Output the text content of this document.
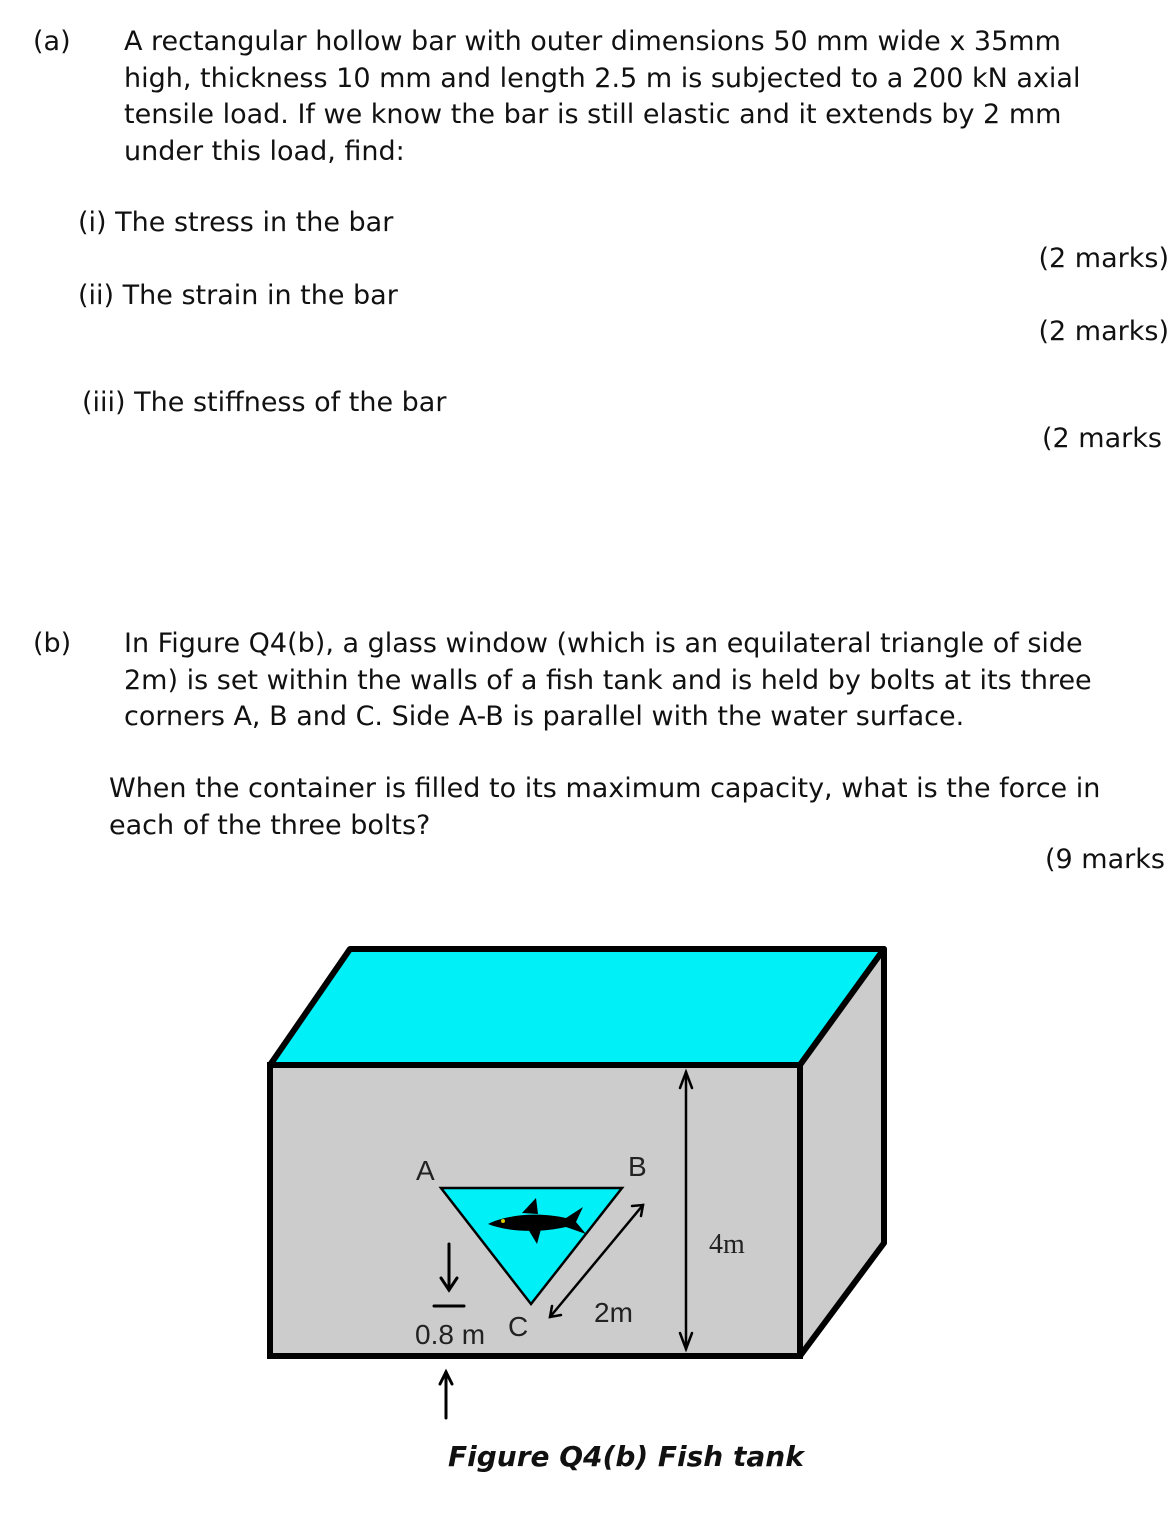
(a) A rectangular hollow bar with outer dimensions 50 mm wide x 35mm
high, thickness 10 mm and length 2.5 m is subjected to a 200 kN axial
tensile load. If we know the bar is still elastic and it extends by 2 mm
under this load, find:
(i) The stress in the bar
(2 marks)
(ii) The strain in the bar
(2 marks)
(iii) The stiffness of the bar
(2 marks
(b) In Figure Q4(b), a glass window (which is an equilateral triangle of side
2m) is set within the walls of a fish tank and is held by bolts at its three
corners A, B and C. Side A-B is parallel with the water surface.
When the container is filled to its maximum capacity, what is the force in
each of the three bolts?
(9 marks
A	B
C 2m
0.8 m
4m
Figure Q4(b) Fish tank
